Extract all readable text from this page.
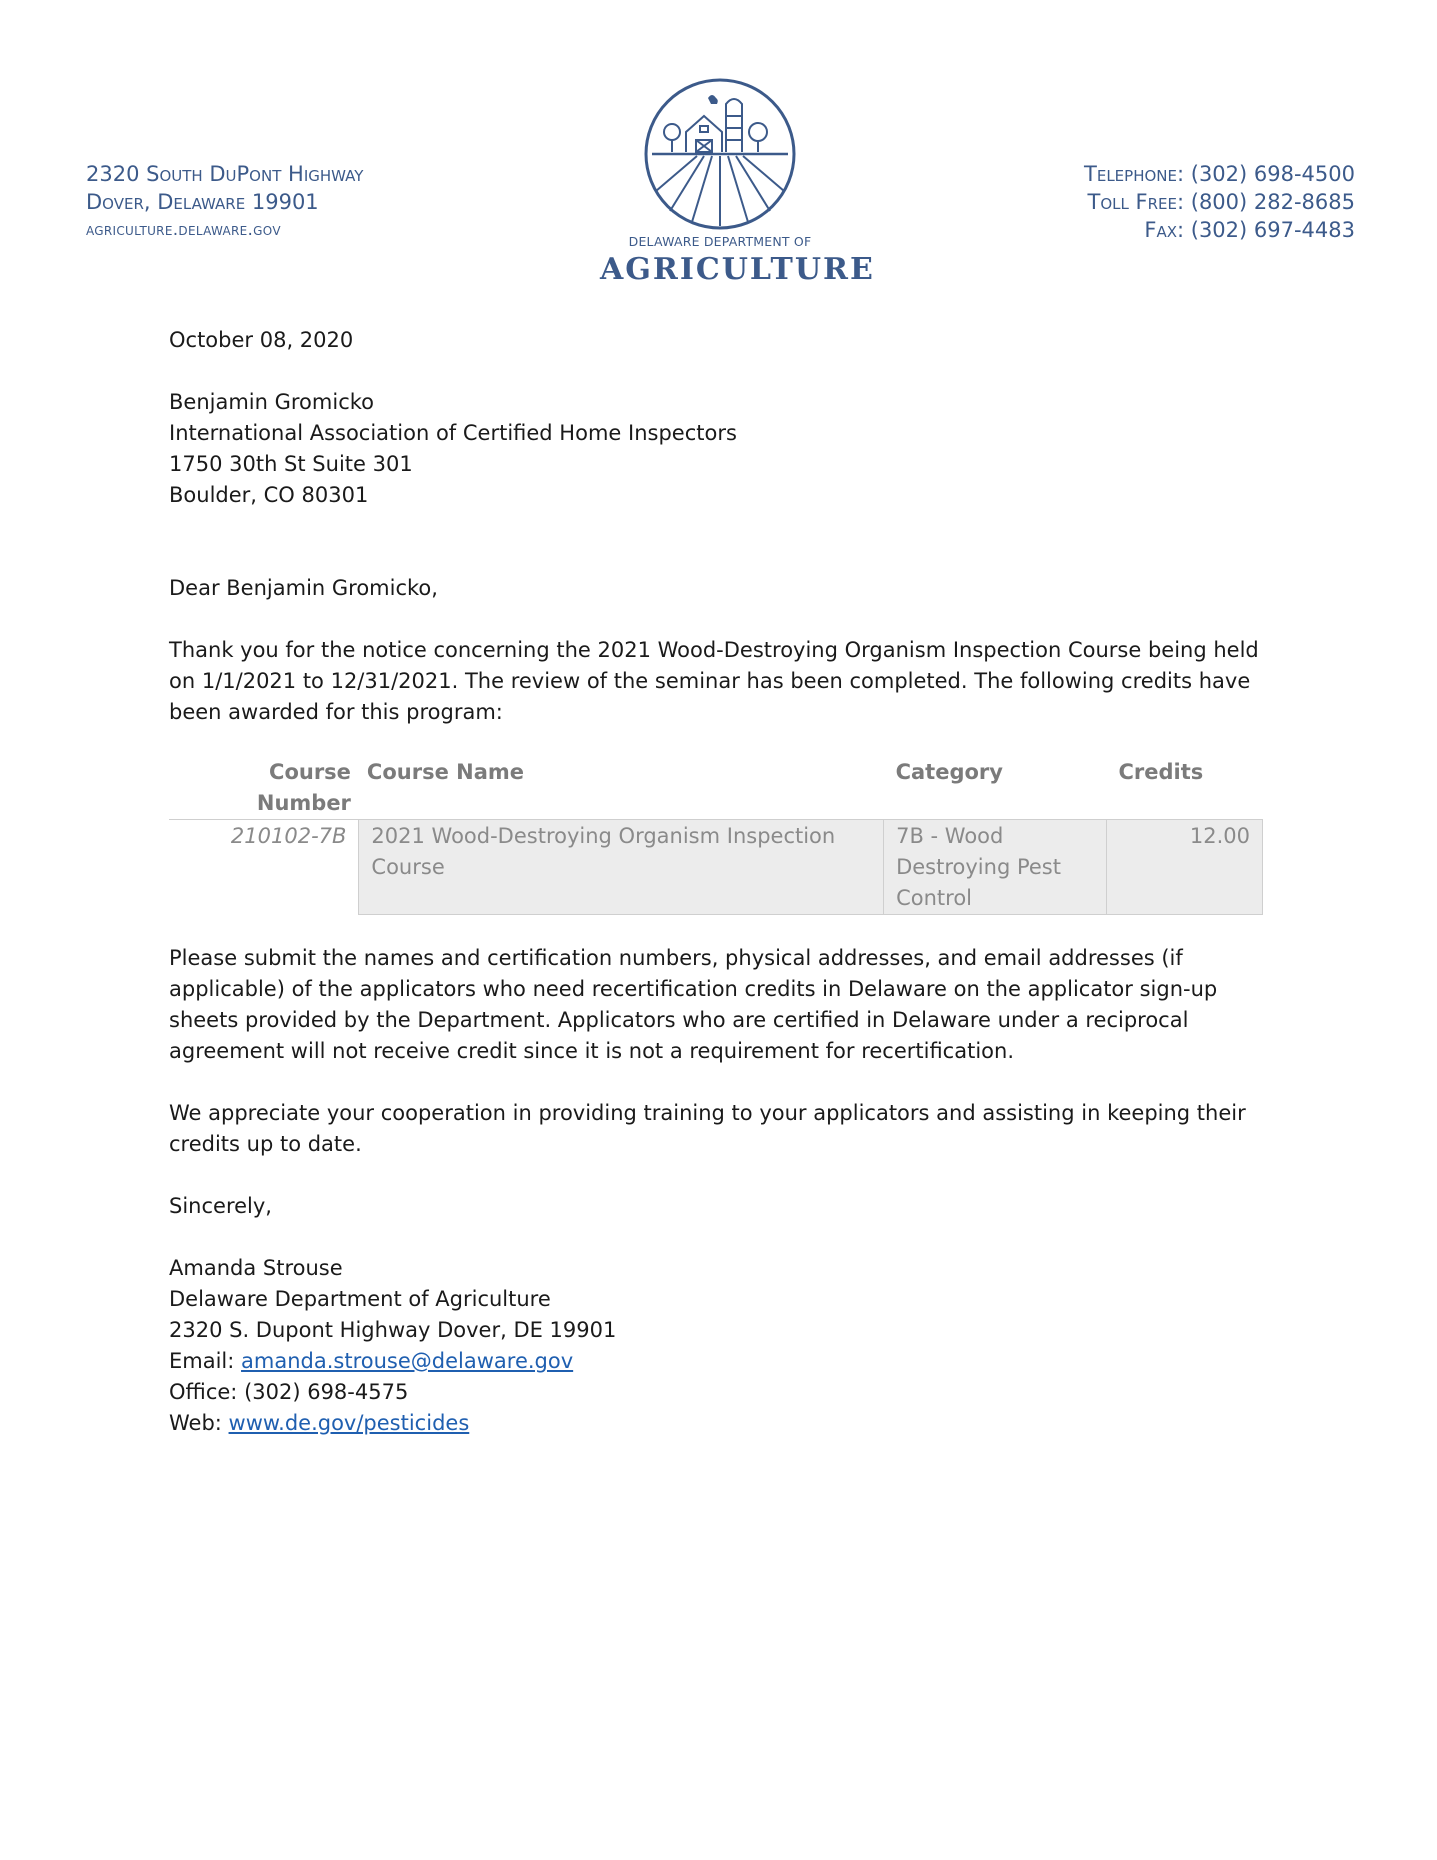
2320 South DuPont Highway
Dover, Delaware 19901
agriculture.delaware.gov
DELAWARE DEPARTMENT OF
AGRICULTURE
Telephone: (302) 698-4500
Toll Free: (800) 282-8685
Fax: (302) 697-4483

October 08, 2020

Benjamin Gromicko

International Association of Certified Home Inspectors

1750 30th St Suite 301

Boulder, CO 80301

Dear Benjamin Gromicko,

Thank you for the notice concerning the 2021 Wood-Destroying Organism Inspection Course being held on 1/1/2021 to 12/31/2021. The review of the seminar has been completed. The following credits have been awarded for this program:

Course Number	Course Name	Category	Credits
210102-7B	2021 Wood-Destroying Organism Inspection Course	7B - Wood Destroying Pest Control	12.00

Please submit the names and certification numbers, physical addresses, and email addresses (if applicable) of the applicators who need recertification credits in Delaware on the applicator sign-up sheets provided by the Department. Applicators who are certified in Delaware under a reciprocal agreement will not receive credit since it is not a requirement for recertification.

We appreciate your cooperation in providing training to your applicators and assisting in keeping their credits up to date.

Sincerely,

Amanda Strouse

Delaware Department of Agriculture

2320 S. Dupont Highway Dover, DE 19901

Email: amanda.strouse@delaware.gov

Office: (302) 698-4575

Web: www.de.gov/pesticides
